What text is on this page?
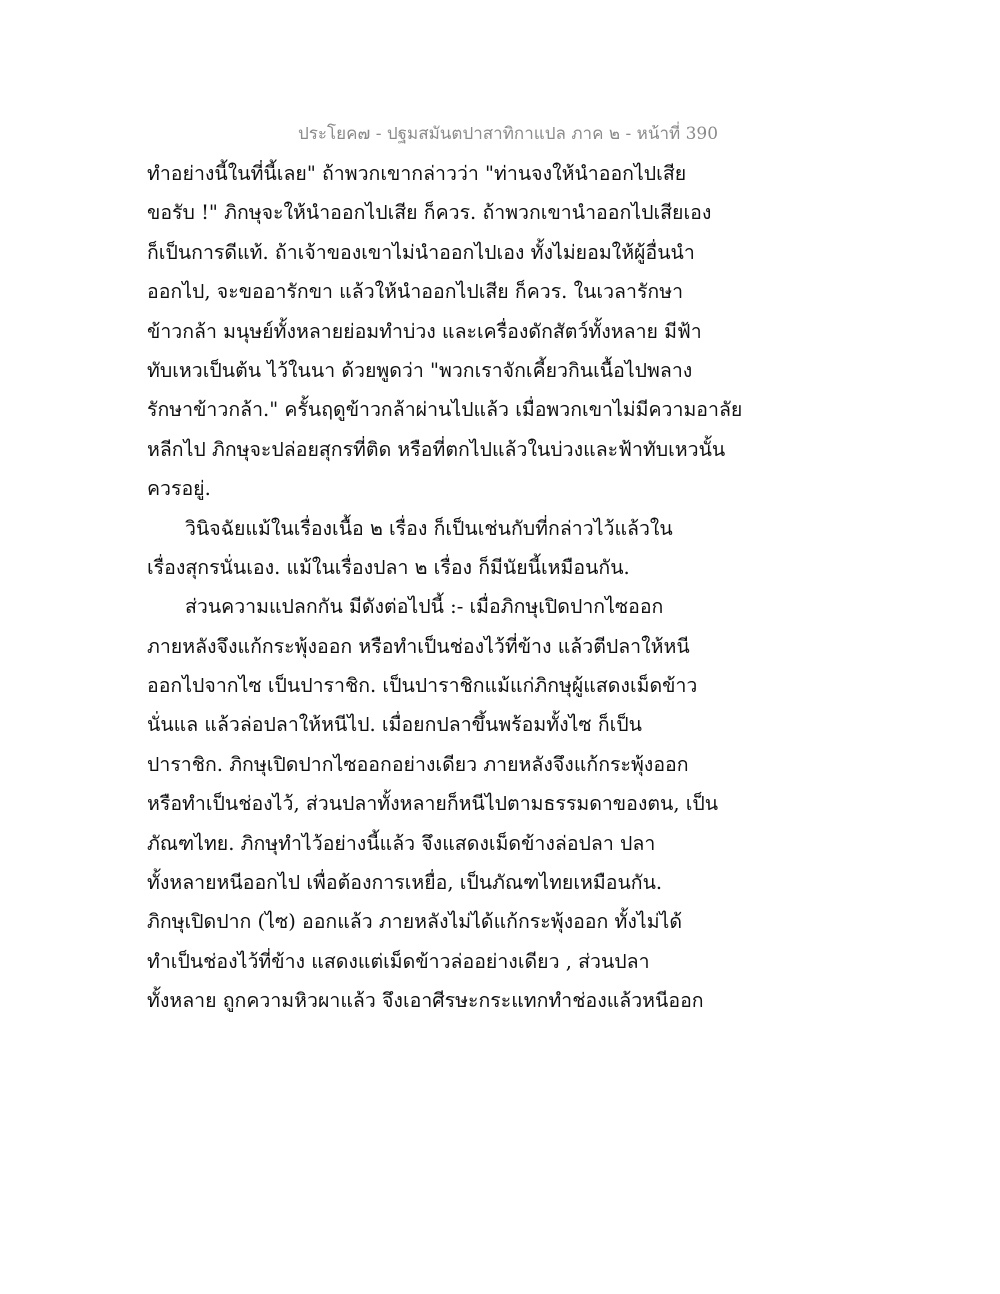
ประโยค๗ - ปฐมสมันตปาสาทิกาแปล ภาค ๒ - หน้าที่ 390
ทำอย่างนี้ในที่นี้เลย" ถ้าพวกเขากล่าวว่า "ท่านจงให้นำออกไปเสีย
ขอรับ !" ภิกษุจะให้นำออกไปเสีย ก็ควร. ถ้าพวกเขานำออกไปเสียเอง
ก็เป็นการดีแท้. ถ้าเจ้าของเขาไม่นำออกไปเอง ทั้งไม่ยอมให้ผู้อื่นนำ
ออกไป, จะขออารักขา แล้วให้นำออกไปเสีย ก็ควร. ในเวลารักษา
ข้าวกล้า มนุษย์ทั้งหลายย่อมทำบ่วง และเครื่องดักสัตว์ทั้งหลาย มีฟ้า
ทับเหวเป็นต้น ไว้ในนา ด้วยพูดว่า "พวกเราจักเคี้ยวกินเนื้อไปพลาง
รักษาข้าวกล้า." ครั้นฤดูข้าวกล้าผ่านไปแล้ว เมื่อพวกเขาไม่มีความอาลัย
หลีกไป ภิกษุจะปล่อยสุกรที่ติด หรือที่ตกไปแล้วในบ่วงและฟ้าทับเหวนั้น
ควรอยู่.
วินิจฉัยแม้ในเรื่องเนื้อ ๒ เรื่อง ก็เป็นเช่นกับที่กล่าวไว้แล้วใน
เรื่องสุกรนั่นเอง. แม้ในเรื่องปลา ๒ เรื่อง ก็มีนัยนี้เหมือนกัน.
ส่วนความแปลกกัน มีดังต่อไปนี้ :- เมื่อภิกษุเปิดปากไซออก
ภายหลังจึงแก้กระพุ้งออก หรือทำเป็นช่องไว้ที่ข้าง แล้วตีปลาให้หนี
ออกไปจากไซ เป็นปาราชิก. เป็นปาราชิกแม้แก่ภิกษุผู้แสดงเม็ดข้าว
นั่นแล แล้วล่อปลาให้หนีไป. เมื่อยกปลาขึ้นพร้อมทั้งไซ ก็เป็น
ปาราชิก. ภิกษุเปิดปากไซออกอย่างเดียว ภายหลังจึงแก้กระพุ้งออก
หรือทำเป็นช่องไว้, ส่วนปลาทั้งหลายก็หนีไปตามธรรมดาของตน, เป็น
ภัณฑไทย. ภิกษุทำไว้อย่างนี้แล้ว จึงแสดงเม็ดข้างล่อปลา ปลา
ทั้งหลายหนีออกไป เพื่อต้องการเหยื่อ, เป็นภัณฑไทยเหมือนกัน.
ภิกษุเปิดปาก (ไซ) ออกแล้ว ภายหลังไม่ได้แก้กระพุ้งออก ทั้งไม่ได้
ทำเป็นช่องไว้ที่ข้าง แสดงแต่เม็ดข้าวล่ออย่างเดียว , ส่วนปลา
ทั้งหลาย ถูกความหิวผาแล้ว จึงเอาศีรษะกระแทกทำช่องแล้วหนีออก
